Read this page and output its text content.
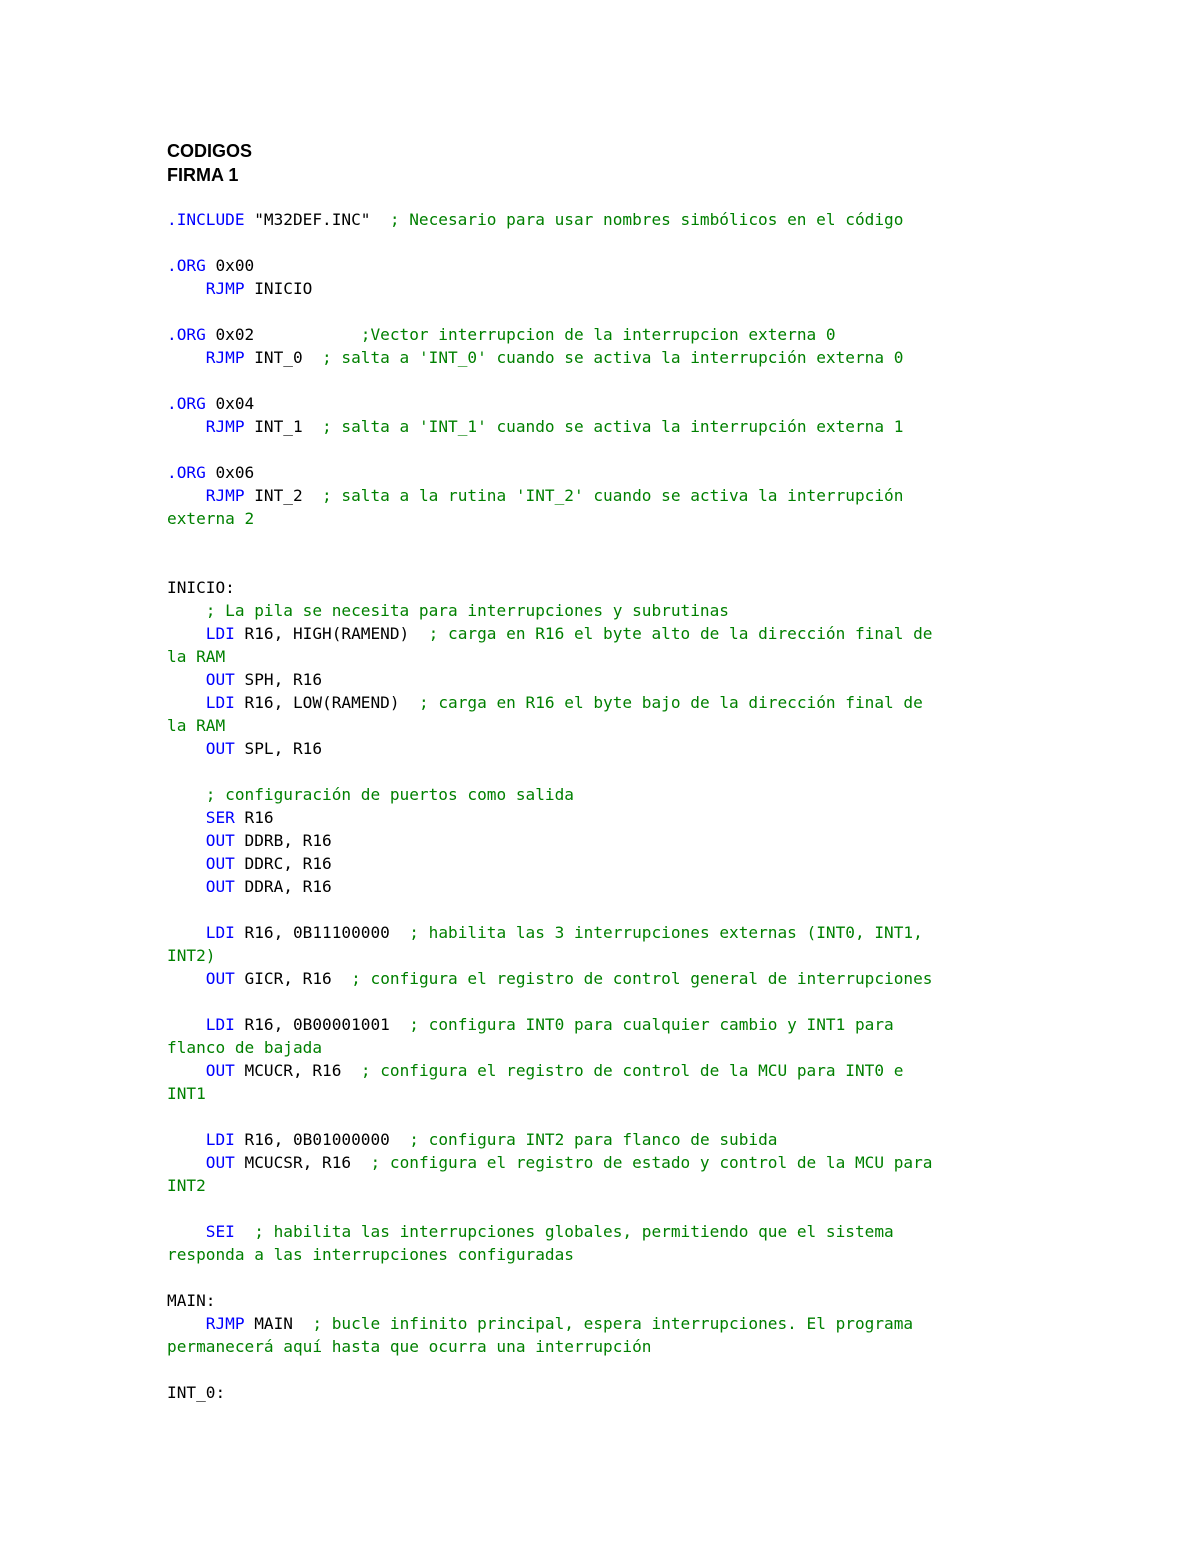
CODIGOS
FIRMA 1
.INCLUDE "M32DEF.INC"  ; Necesario para usar nombres simbólicos en el código
.ORG 0x00
RJMP INICIO
.ORG 0x02           ;Vector interrupcion de la interrupcion externa 0
RJMP INT_0  ; salta a 'INT_0' cuando se activa la interrupción externa 0
.ORG 0x04
RJMP INT_1  ; salta a 'INT_1' cuando se activa la interrupción externa 1
.ORG 0x06
RJMP INT_2  ; salta a la rutina 'INT_2' cuando se activa la interrupción
externa 2
INICIO:
; La pila se necesita para interrupciones y subrutinas
LDI R16, HIGH(RAMEND)  ; carga en R16 el byte alto de la dirección final de
la RAM
OUT SPH, R16
LDI R16, LOW(RAMEND)  ; carga en R16 el byte bajo de la dirección final de
la RAM
OUT SPL, R16
; configuración de puertos como salida
SER R16
OUT DDRB, R16
OUT DDRC, R16
OUT DDRA, R16
LDI R16, 0B11100000  ; habilita las 3 interrupciones externas (INT0, INT1,
INT2)
OUT GICR, R16  ; configura el registro de control general de interrupciones
LDI R16, 0B00001001  ; configura INT0 para cualquier cambio y INT1 para
flanco de bajada
OUT MCUCR, R16  ; configura el registro de control de la MCU para INT0 e
INT1
LDI R16, 0B01000000  ; configura INT2 para flanco de subida
OUT MCUCSR, R16  ; configura el registro de estado y control de la MCU para
INT2
SEI ; habilita las interrupciones globales, permitiendo que el sistema
responda a las interrupciones configuradas
MAIN:
RJMP MAIN  ; bucle infinito principal, espera interrupciones. El programa
permanecerá aquí hasta que ocurra una interrupción
INT_0:
